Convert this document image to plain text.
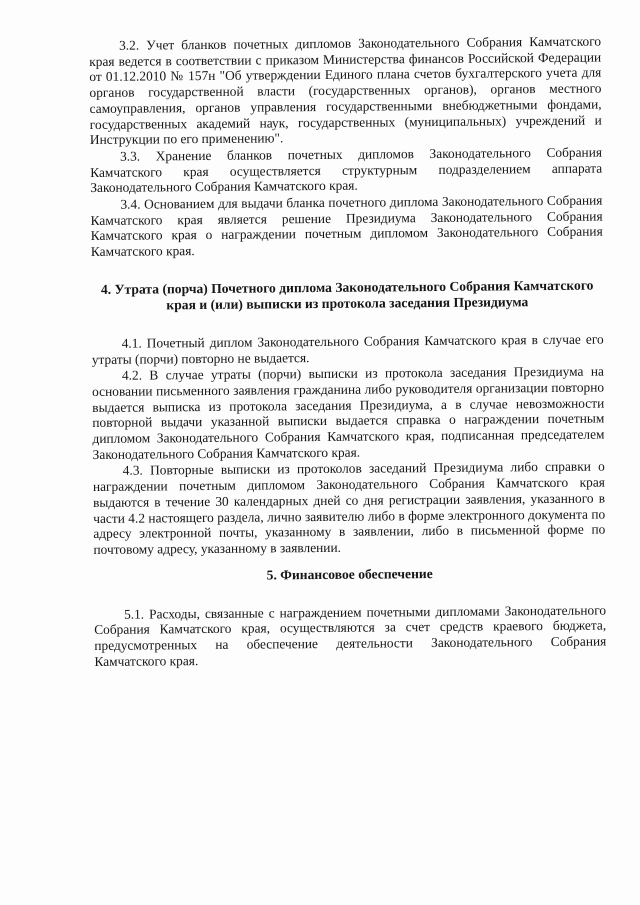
3.2. Учет бланков почетных дипломов Законодательного Собрания Камчатского края ведется в соответствии с приказом Министерства финансов Российской Федерации от 01.12.2010 № 157н "Об утверждении Единого плана счетов бухгалтерского учета для органов государственной власти (государственных органов), органов местного самоуправления, органов управления государственными внебюджетными фондами, государственных академий наук, государственных (муниципальных) учреждений и Инструкции по его применению".

3.3. Хранение бланков почетных дипломов Законодательного Собрания Камчатского края осуществляется структурным подразделением аппарата Законодательного Собрания Камчатского края.

3.4. Основанием для выдачи бланка почетного диплома Законодательного Собрания Камчатского края является решение Президиума Законодательного Собрания Камчатского края о награждении почетным дипломом Законодательного Собрания Камчатского края.

4. Утрата (порча) Почетного диплома Законодательного Собрания Камчатского края и (или) выписки из протокола заседания Президиума

4.1. Почетный диплом Законодательного Собрания Камчатского края в случае его утраты (порчи) повторно не выдается.

4.2. В случае утраты (порчи) выписки из протокола заседания Президиума на основании письменного заявления гражданина либо руководителя организации повторно выдается выписка из протокола заседания Президиума, а в случае невозможности повторной выдачи указанной выписки выдается справка о награждении почетным дипломом Законодательного Собрания Камчатского края, подписанная председателем Законодательного Собрания Камчатского края.

4.3. Повторные выписки из протоколов заседаний Президиума либо справки о награждении почетным дипломом Законодательного Собрания Камчатского края выдаются в течение 30 календарных дней со дня регистрации заявления, указанного в части 4.2 настоящего раздела, лично заявителю либо в форме электронного документа по адресу электронной почты, указанному в заявлении, либо в письменной форме по почтовому адресу, указанному в заявлении.

5. Финансовое обеспечение

5.1. Расходы, связанные с награждением почетными дипломами Законодательного Собрания Камчатского края, осуществляются за счет средств краевого бюджета, предусмотренных на обеспечение деятельности Законодательного Собрания Камчатского края.
